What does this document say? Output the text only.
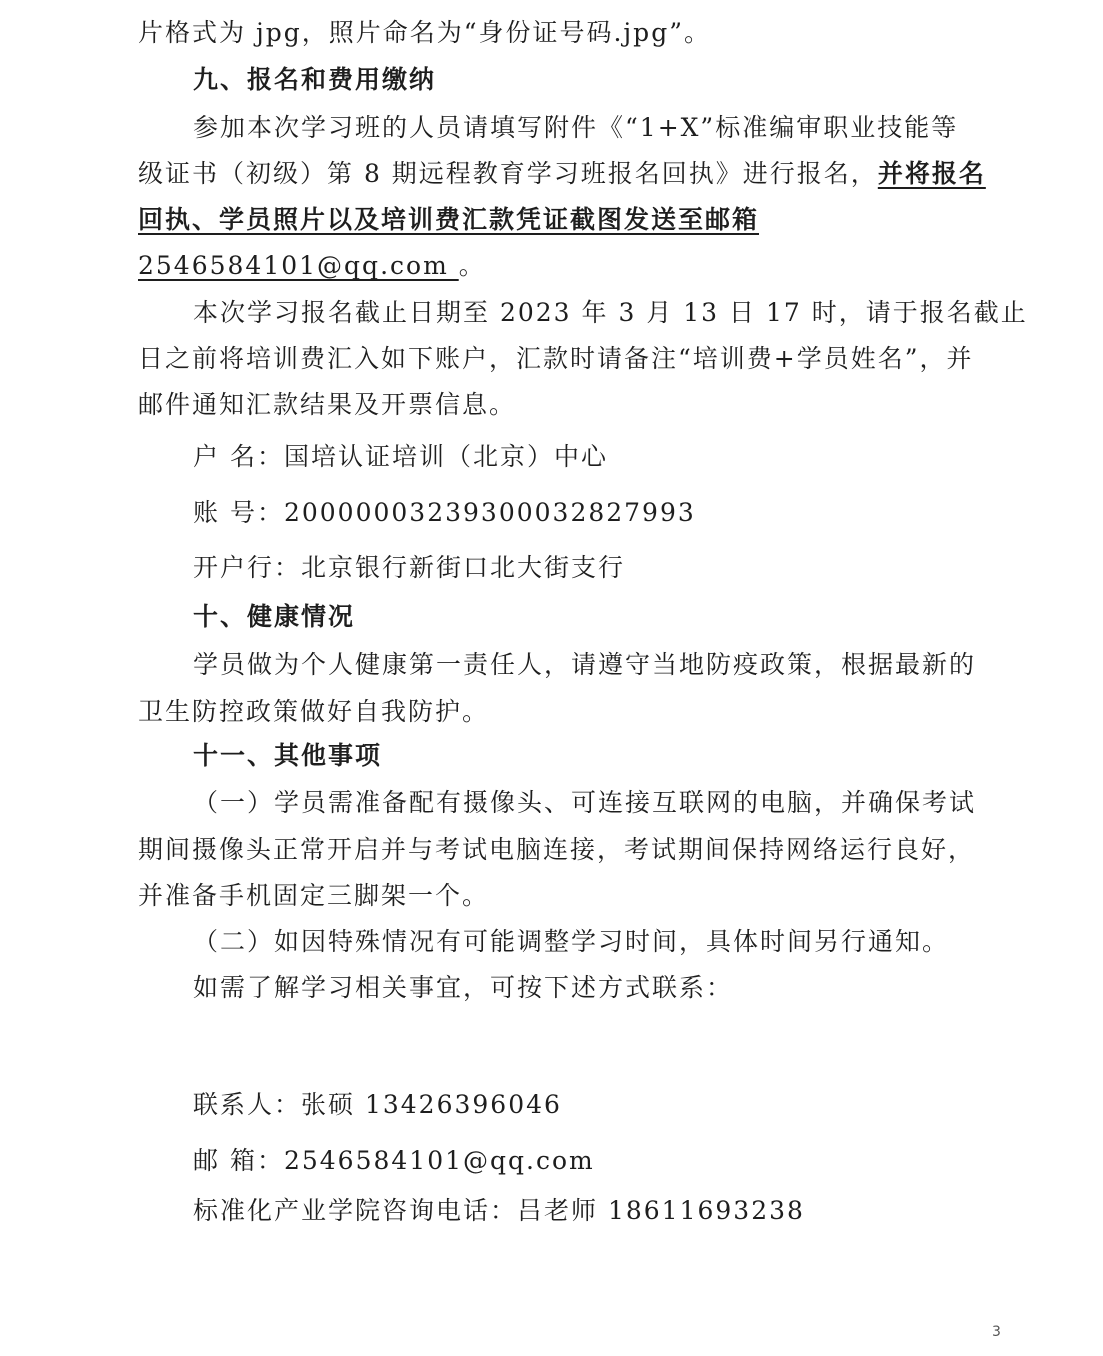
片格式为 jpg，照片命名为“身份证号码.jpg”。
九、报名和费用缴纳
参加本次学习班的人员请填写附件《“1+X”标准编审职业技能等
级证书（初级）第 8 期远程教育学习班报名回执》进行报名，并将报名
回执、学员照片以及培训费汇款凭证截图发送至邮箱
2546584101@qq.com 。
本次学习报名截止日期至 2023 年 3 月 13 日 17 时，请于报名截止
日之前将培训费汇入如下账户，汇款时请备注“培训费+学员姓名”，并
邮件通知汇款结果及开票信息。
户 名：国培认证培训（北京）中心
账 号：20000003239300032827993
开户行：北京银行新街口北大街支行
十、健康情况
学员做为个人健康第一责任人，请遵守当地防疫政策，根据最新的
卫生防控政策做好自我防护。
十一、其他事项
（一）学员需准备配有摄像头、可连接互联网的电脑，并确保考试
期间摄像头正常开启并与考试电脑连接，考试期间保持网络运行良好，
并准备手机固定三脚架一个。
（二）如因特殊情况有可能调整学习时间，具体时间另行通知。
如需了解学习相关事宜，可按下述方式联系：
联系人：张硕 13426396046
邮 箱：2546584101@qq.com
标准化产业学院咨询电话：吕老师 18611693238
3
